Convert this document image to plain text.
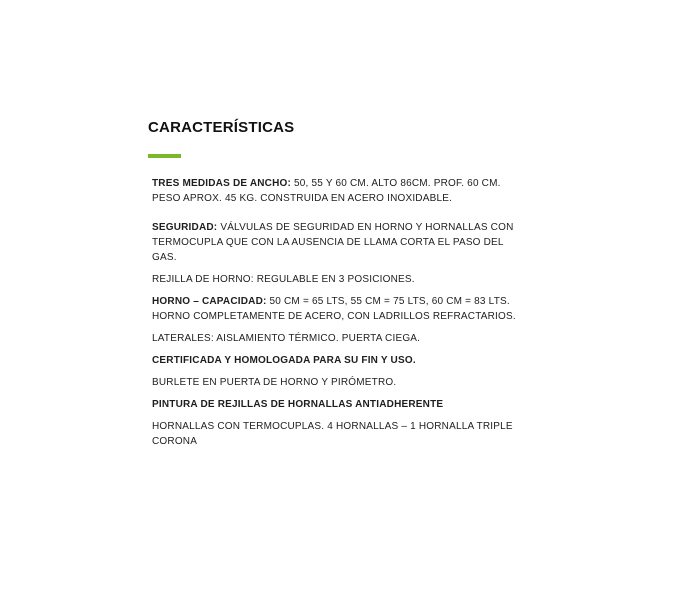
CARACTERÍSTICAS

TRES MEDIDAS DE ANCHO: 50, 55 Y 60 CM. ALTO 86CM. PROF. 60 CM. PESO APROX. 45 KG. CONSTRUIDA EN ACERO INOXIDABLE.

SEGURIDAD: VÁLVULAS DE SEGURIDAD EN HORNO Y HORNALLAS CON TERMOCUPLA QUE CON LA AUSENCIA DE LLAMA CORTA EL PASO DEL GAS.

REJILLA DE HORNO: REGULABLE EN 3 POSICIONES.

HORNO – CAPACIDAD: 50 CM = 65 LTS, 55 CM = 75 LTS, 60 CM = 83 LTS. HORNO COMPLETAMENTE DE ACERO, CON LADRILLOS REFRACTARIOS.

LATERALES: AISLAMIENTO TÉRMICO. PUERTA CIEGA.

CERTIFICADA Y HOMOLOGADA PARA SU FIN Y USO.

BURLETE EN PUERTA DE HORNO Y PIRÓMETRO.

PINTURA DE REJILLAS DE HORNALLAS ANTIADHERENTE

HORNALLAS CON TERMOCUPLAS. 4 HORNALLAS – 1 HORNALLA TRIPLE CORONA
